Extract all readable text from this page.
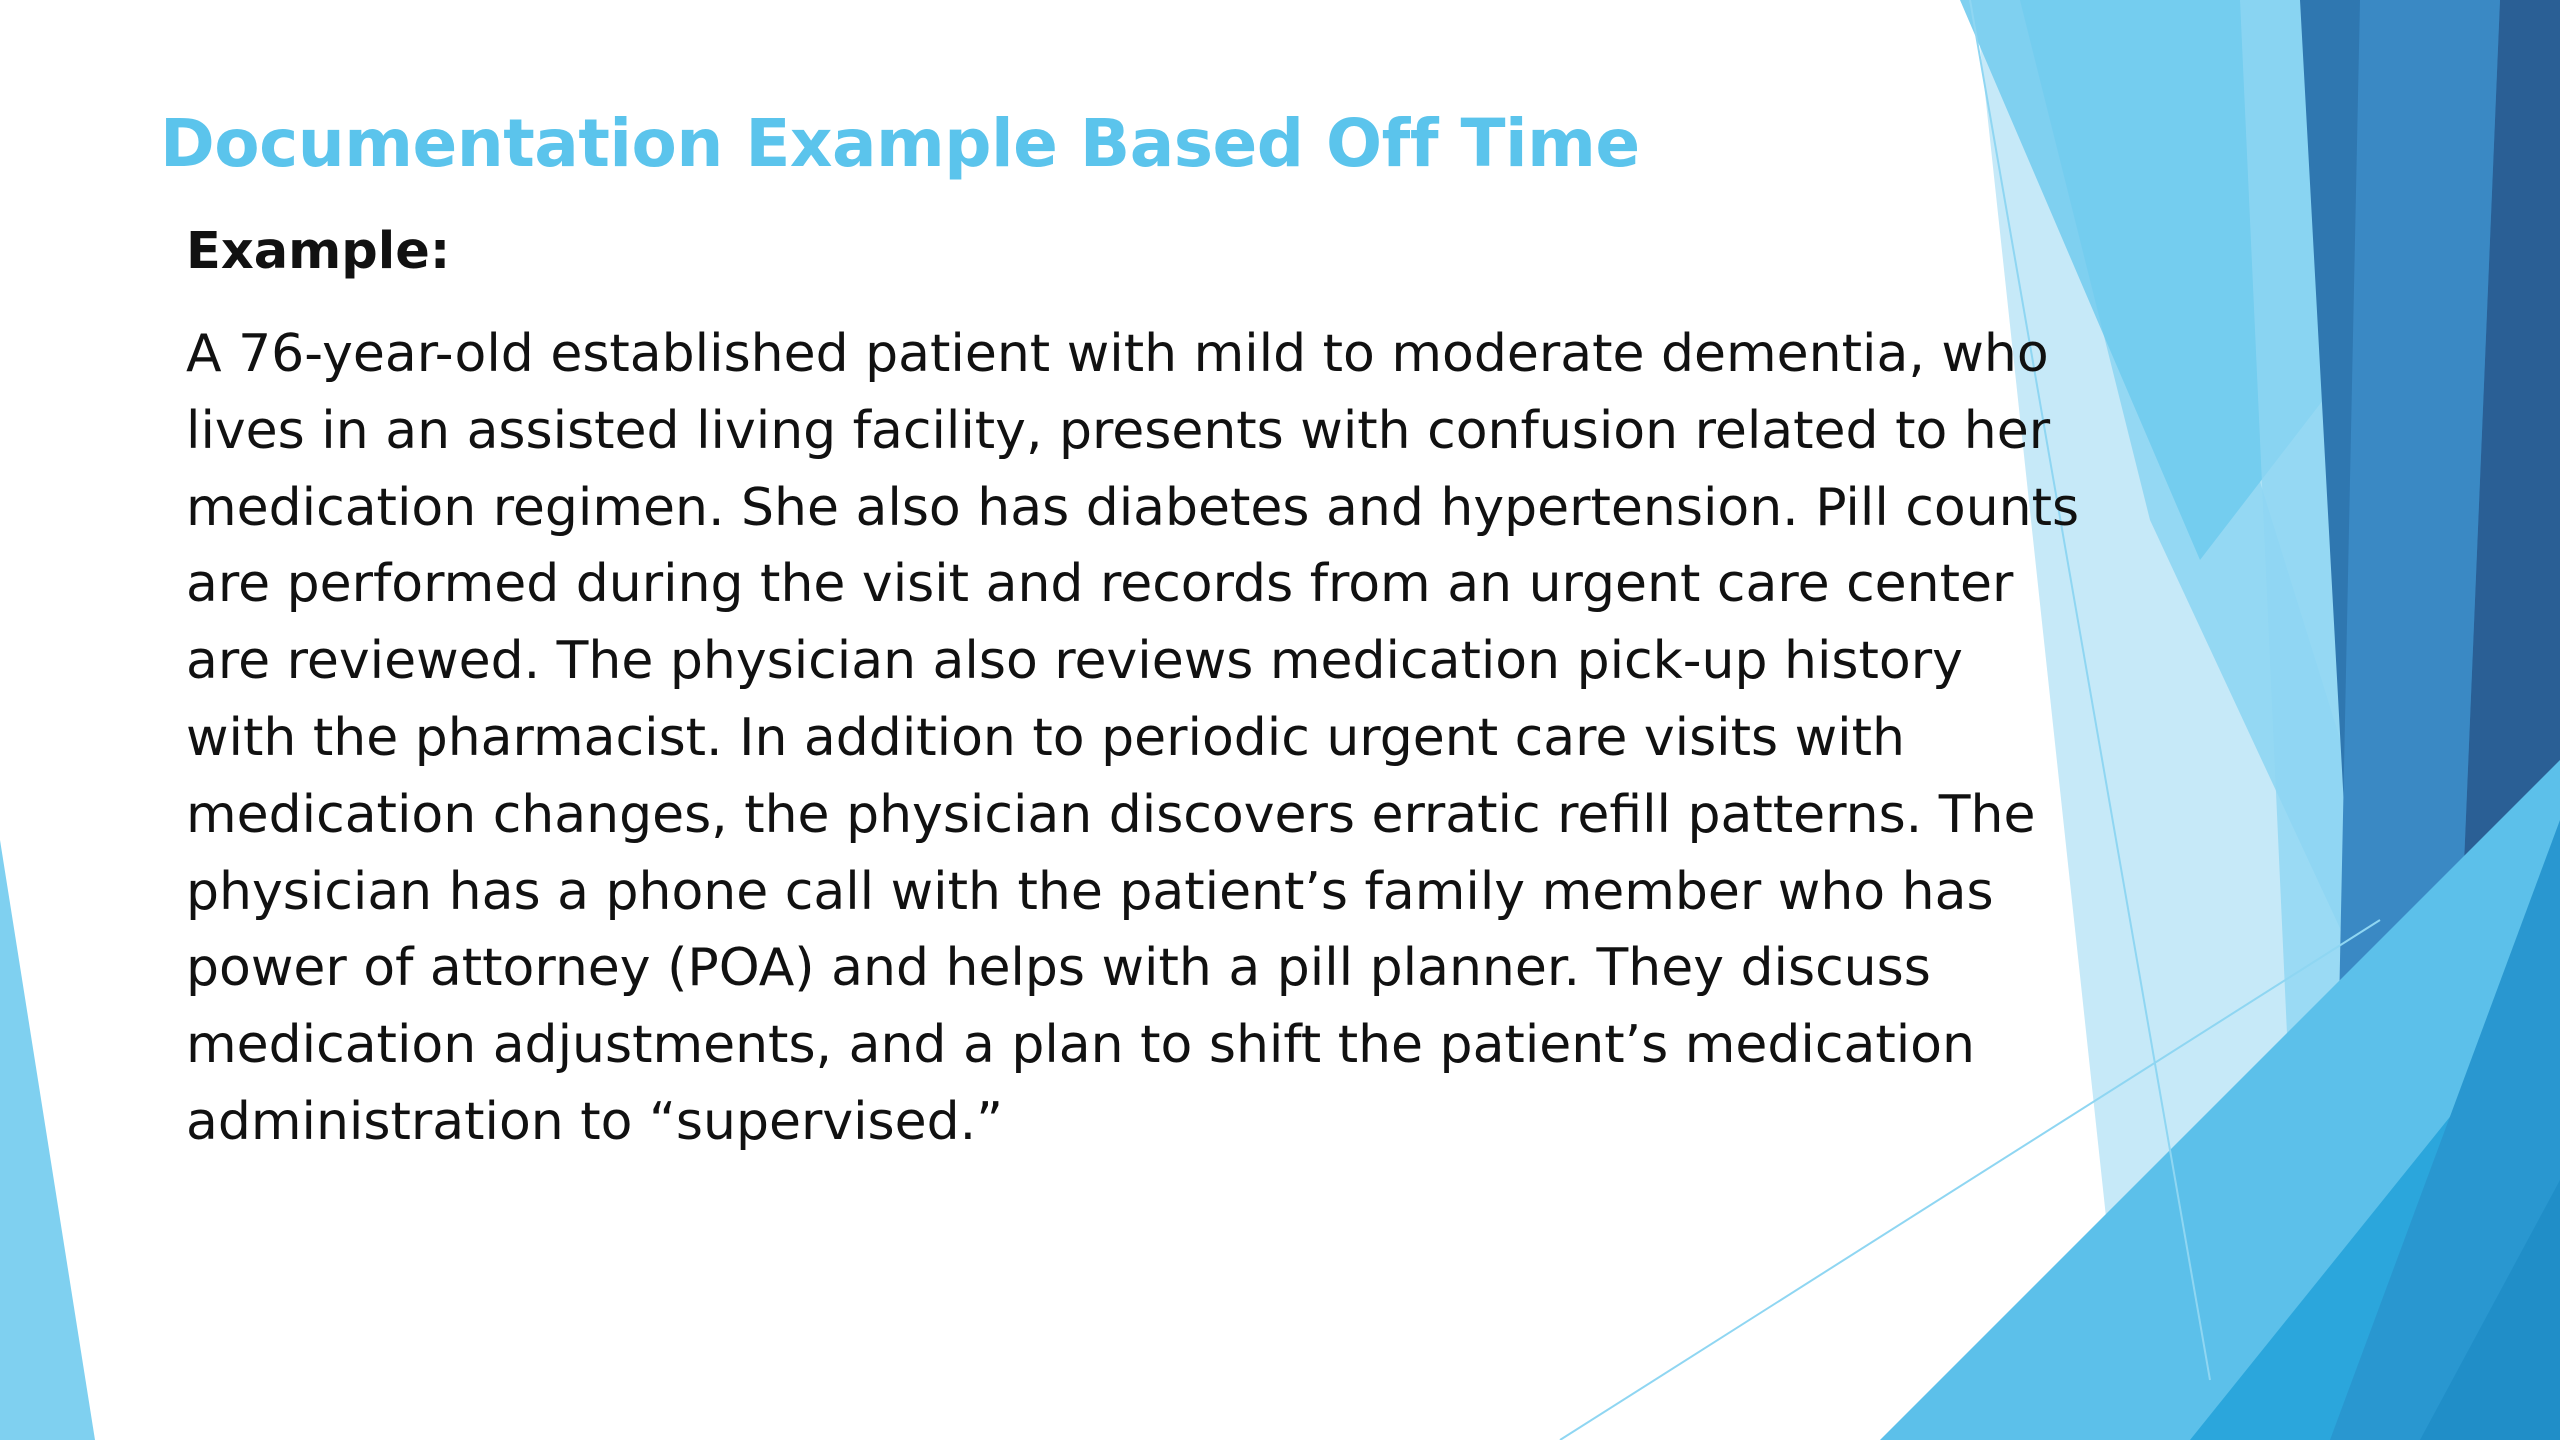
Documentation Example Based Off Time
Example:
A 76-year-old established patient with mild to moderate dementia, who
lives in an assisted living facility, presents with confusion related to her
medication regimen. She also has diabetes and hypertension. Pill counts
are performed during the visit and records from an urgent care center
are reviewed. The physician also reviews medication pick-up history
with the pharmacist. In addition to periodic urgent care visits with
medication changes, the physician discovers erratic refill patterns. The
physician has a phone call with the patient’s family member who has
power of attorney (POA) and helps with a pill planner. They discuss
medication adjustments, and a plan to shift the patient’s medication
administration to “supervised.”
